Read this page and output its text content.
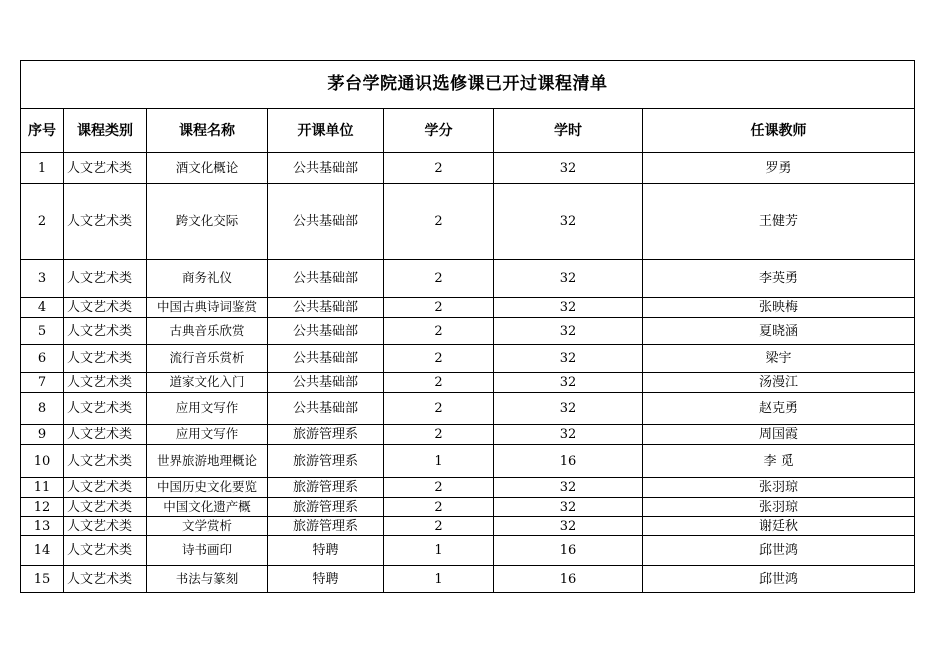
茅台学院通识选修课已开过课程清单						
序号	课程类别	课程名称	开课单位	学分	学时	任课教师
1	人文艺术类	酒文化概论	公共基础部	2	32	罗勇
2	人文艺术类	跨文化交际	公共基础部	2	32	王健芳
3	人文艺术类	商务礼仪	公共基础部	2	32	李英勇
4	人文艺术类	中国古典诗词鉴赏	公共基础部	2	32	张映梅
5	人文艺术类	古典音乐欣赏	公共基础部	2	32	夏晓涵
6	人文艺术类	流行音乐赏析	公共基础部	2	32	梁宇
7	人文艺术类	道家文化入门	公共基础部	2	32	汤漫江
8	人文艺术类	应用文写作	公共基础部	2	32	赵克勇
9	人文艺术类	应用文写作	旅游管理系	2	32	周国霞
10	人文艺术类	世界旅游地理概论	旅游管理系	1	16	李 觅
11	人文艺术类	中国历史文化要览	旅游管理系	2	32	张羽琼
12	人文艺术类	中国文化遗产概	旅游管理系	2	32	张羽琼
13	人文艺术类	文学赏析	旅游管理系	2	32	谢廷秋
14	人文艺术类	诗书画印	特聘	1	16	邱世鸿
15	人文艺术类	书法与篆刻	特聘	1	16	邱世鸿
